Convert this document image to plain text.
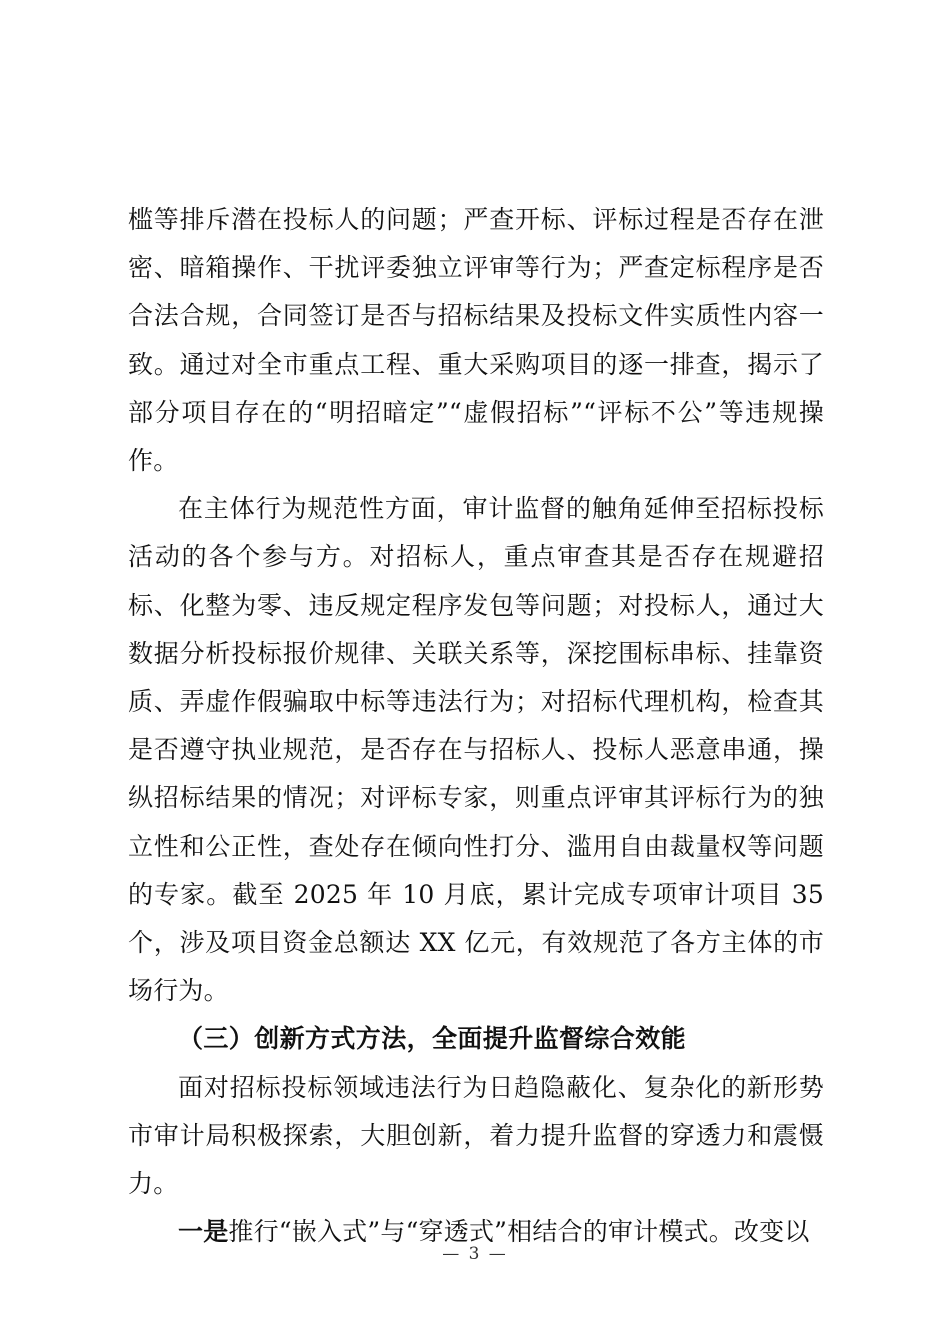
槛等排斥潜在投标人的问题；严查开标、评标过程是否存在泄密、暗箱操作、干扰评委独立评审等行为；严查定标程序是否合法合规，合同签订是否与招标结果及投标文件实质性内容一致。通过对全市重点工程、重大采购项目的逐一排查，揭示了部分项目存在的“明招暗定”“虚假招标”“评标不公”等违规操作。

在主体行为规范性方面，审计监督的触角延伸至招标投标活动的各个参与方。对招标人，重点审查其是否存在规避招标、化整为零、违反规定程序发包等问题；对投标人，通过大数据分析投标报价规律、关联关系等，深挖围标串标、挂靠资质、弄虚作假骗取中标等违法行为；对招标代理机构，检查其是否遵守执业规范，是否存在与招标人、投标人恶意串通，操纵招标结果的情况；对评标专家，则重点评审其评标行为的独立性和公正性，查处存在倾向性打分、滥用自由裁量权等问题的专家。截至 2025 年 10 月底，累计完成专项审计项目 35 个，涉及项目资金总额达 XX 亿元，有效规范了各方主体的市场行为。

（三）创新方式方法，全面提升监督综合效能

面对招标投标领域违法行为日趋隐蔽化、复杂化的新形势市审计局积极探索，大胆创新，着力提升监督的穿透力和震慑力。

一是推行“嵌入式”与“穿透式”相结合的审计模式。改变以

— 3 —
